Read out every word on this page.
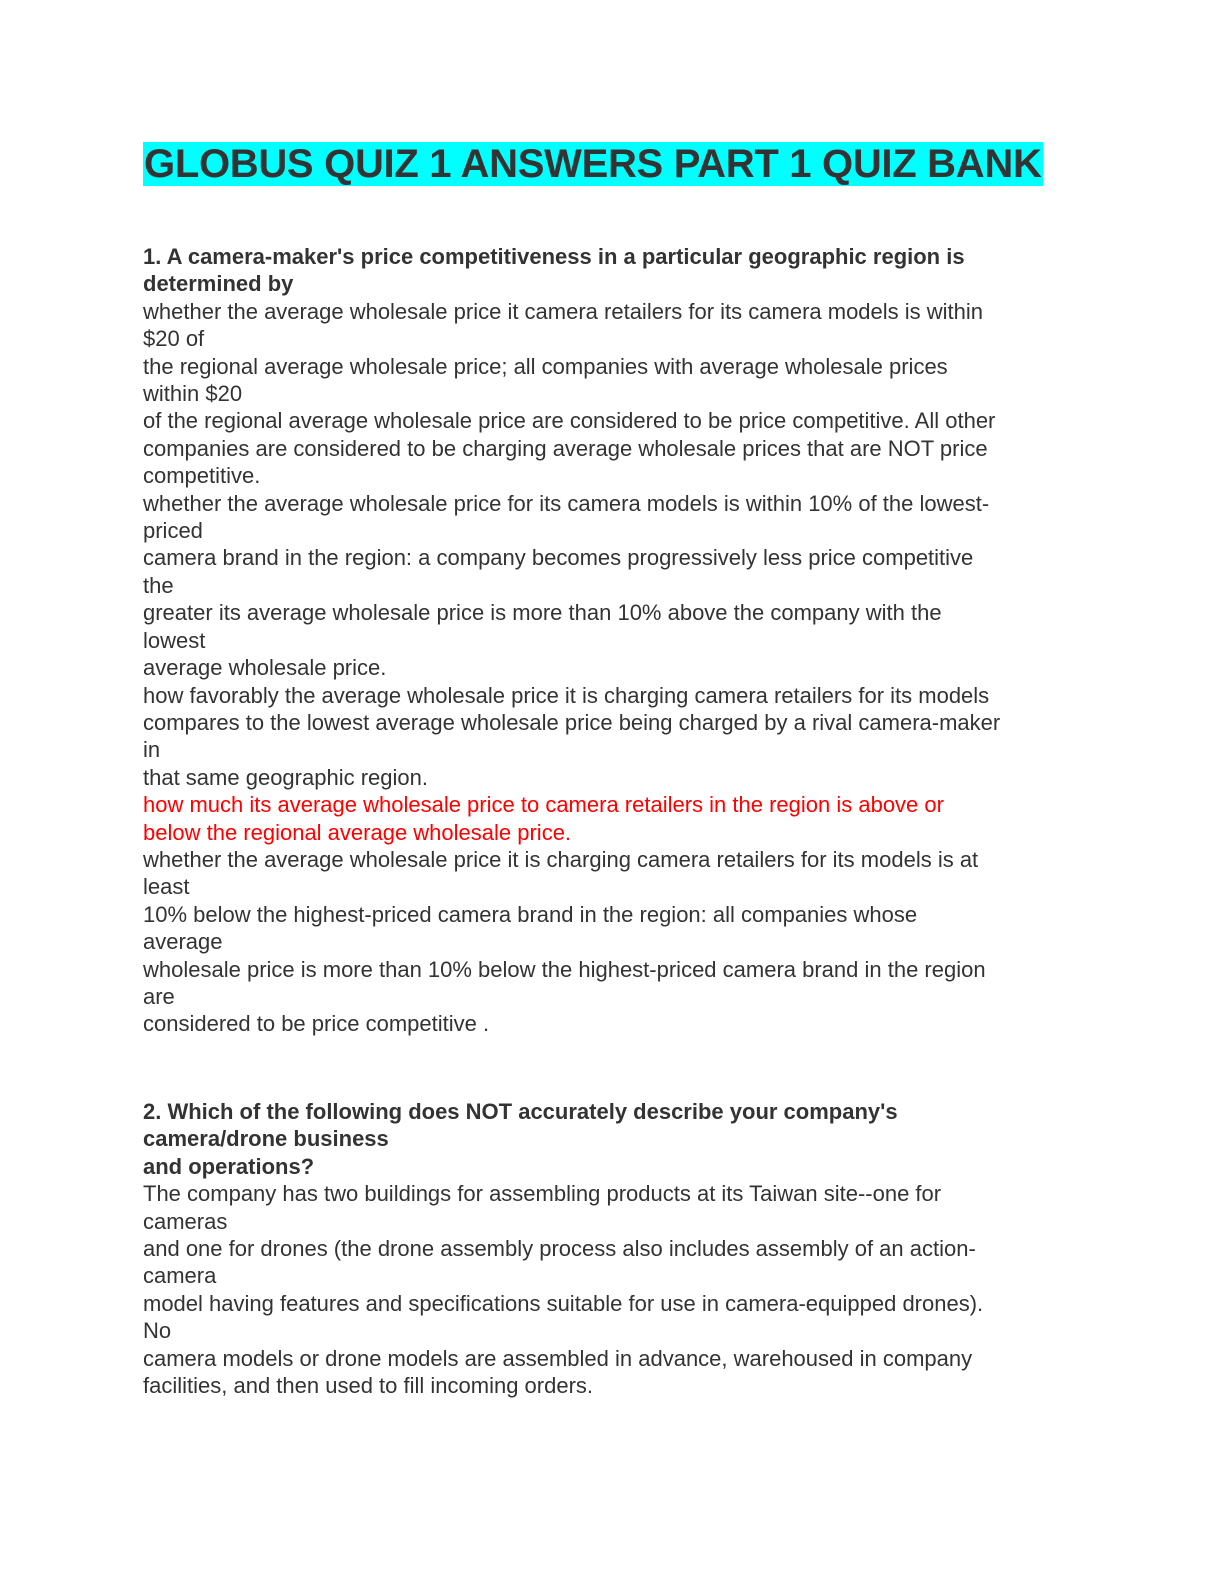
GLOBUS QUIZ 1 ANSWERS PART 1 QUIZ BANK
1. A camera-maker's price competitiveness in a particular geographic region is
determined by
whether the average wholesale price it camera retailers for its camera models is within
$20 of
the regional average wholesale price; all companies with average wholesale prices
within $20
of the regional average wholesale price are considered to be price competitive. All other
companies are considered to be charging average wholesale prices that are NOT price
competitive.
whether the average wholesale price for its camera models is within 10% of the lowest-
priced
camera brand in the region: a company becomes progressively less price competitive
the
greater its average wholesale price is more than 10% above the company with the
lowest
average wholesale price.
how favorably the average wholesale price it is charging camera retailers for its models
compares to the lowest average wholesale price being charged by a rival camera-maker
in
that same geographic region.
how much its average wholesale price to camera retailers in the region is above or
below the regional average wholesale price.
whether the average wholesale price it is charging camera retailers for its models is at
least
10% below the highest-priced camera brand in the region: all companies whose
average
wholesale price is more than 10% below the highest-priced camera brand in the region
are
considered to be price competitive .
2. Which of the following does NOT accurately describe your company's
camera/drone business
and operations?
The company has two buildings for assembling products at its Taiwan site--one for
cameras
and one for drones (the drone assembly process also includes assembly of an action-
camera
model having features and specifications suitable for use in camera-equipped drones).
No
camera models or drone models are assembled in advance, warehoused in company
facilities, and then used to fill incoming orders.
